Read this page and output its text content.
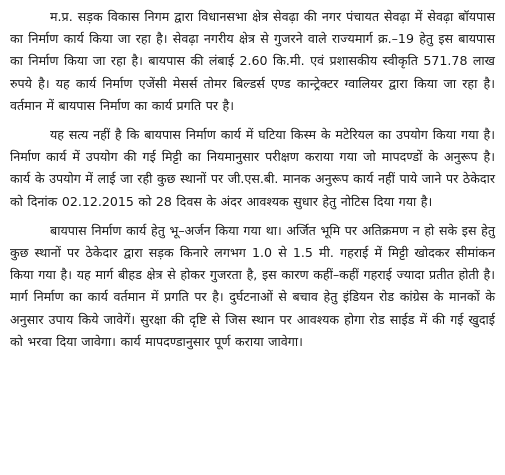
म.प्र. सड़क विकास निगम द्वारा विधानसभा क्षेत्र सेवढ़ा की नगर पंचायत सेवढ़ा में सेवढ़ा बॉयपास का निर्माण कार्य किया जा रहा है। सेवढ़ा नगरीय क्षेत्र से गुजरने वाले राज्यमार्ग क्र.–19 हेतु इस बायपास का निर्माण किया जा रहा है। बायपास की लंबाई 2.60 कि.मी. एवं प्रशासकीय स्वीकृति 571.78 लाख रुपये है। यह कार्य निर्माण एजेंसी मेसर्स तोमर बिल्डर्स एण्ड कान्ट्रेक्टर ग्वालियर द्वारा किया जा रहा है। वर्तमान में बायपास निर्माण का कार्य प्रगति पर है।

यह सत्य नहीं है कि बायपास निर्माण कार्य में घटिया किस्म के मटेरियल का उपयोग किया गया है। निर्माण कार्य में उपयोग की गई मिट्टी का नियमानुसार परीक्षण कराया गया जो मापदण्डों के अनुरूप है। कार्य के उपयोग में लाई जा रही कुछ स्थानों पर जी.एस.बी. मानक अनुरूप कार्य नहीं पाये जाने पर ठेकेदार को दिनांक 02.12.2015 को 28 दिवस के अंदर आवश्यक सुधार हेतु नोटिस दिया गया है।

बायपास निर्माण कार्य हेतु भू–अर्जन किया गया था। अर्जित भूमि पर अतिक्रमण न हो सके इस हेतु कुछ स्थानों पर ठेकेदार द्वारा सड़क किनारे लगभग 1.0 से 1.5 मी. गहराई में मिट्टी खोदकर सीमांकन किया गया है। यह मार्ग बीहड क्षेत्र से होकर गुजरता है, इस कारण कहीं–कहीं गहराई ज्यादा प्रतीत होती है। मार्ग निर्माण का कार्य वर्तमान में प्रगति पर है। दुर्घटनाओं से बचाव हेतु इंडियन रोड कांग्रेस के मानकों के अनुसार उपाय किये जावेगें। सुरक्षा की दृष्टि से जिस स्थान पर आवश्यक होगा रोड साईड में की गई खुदाई को भरवा दिया जावेगा। कार्य मापदण्डानुसार पूर्ण कराया जावेगा।
